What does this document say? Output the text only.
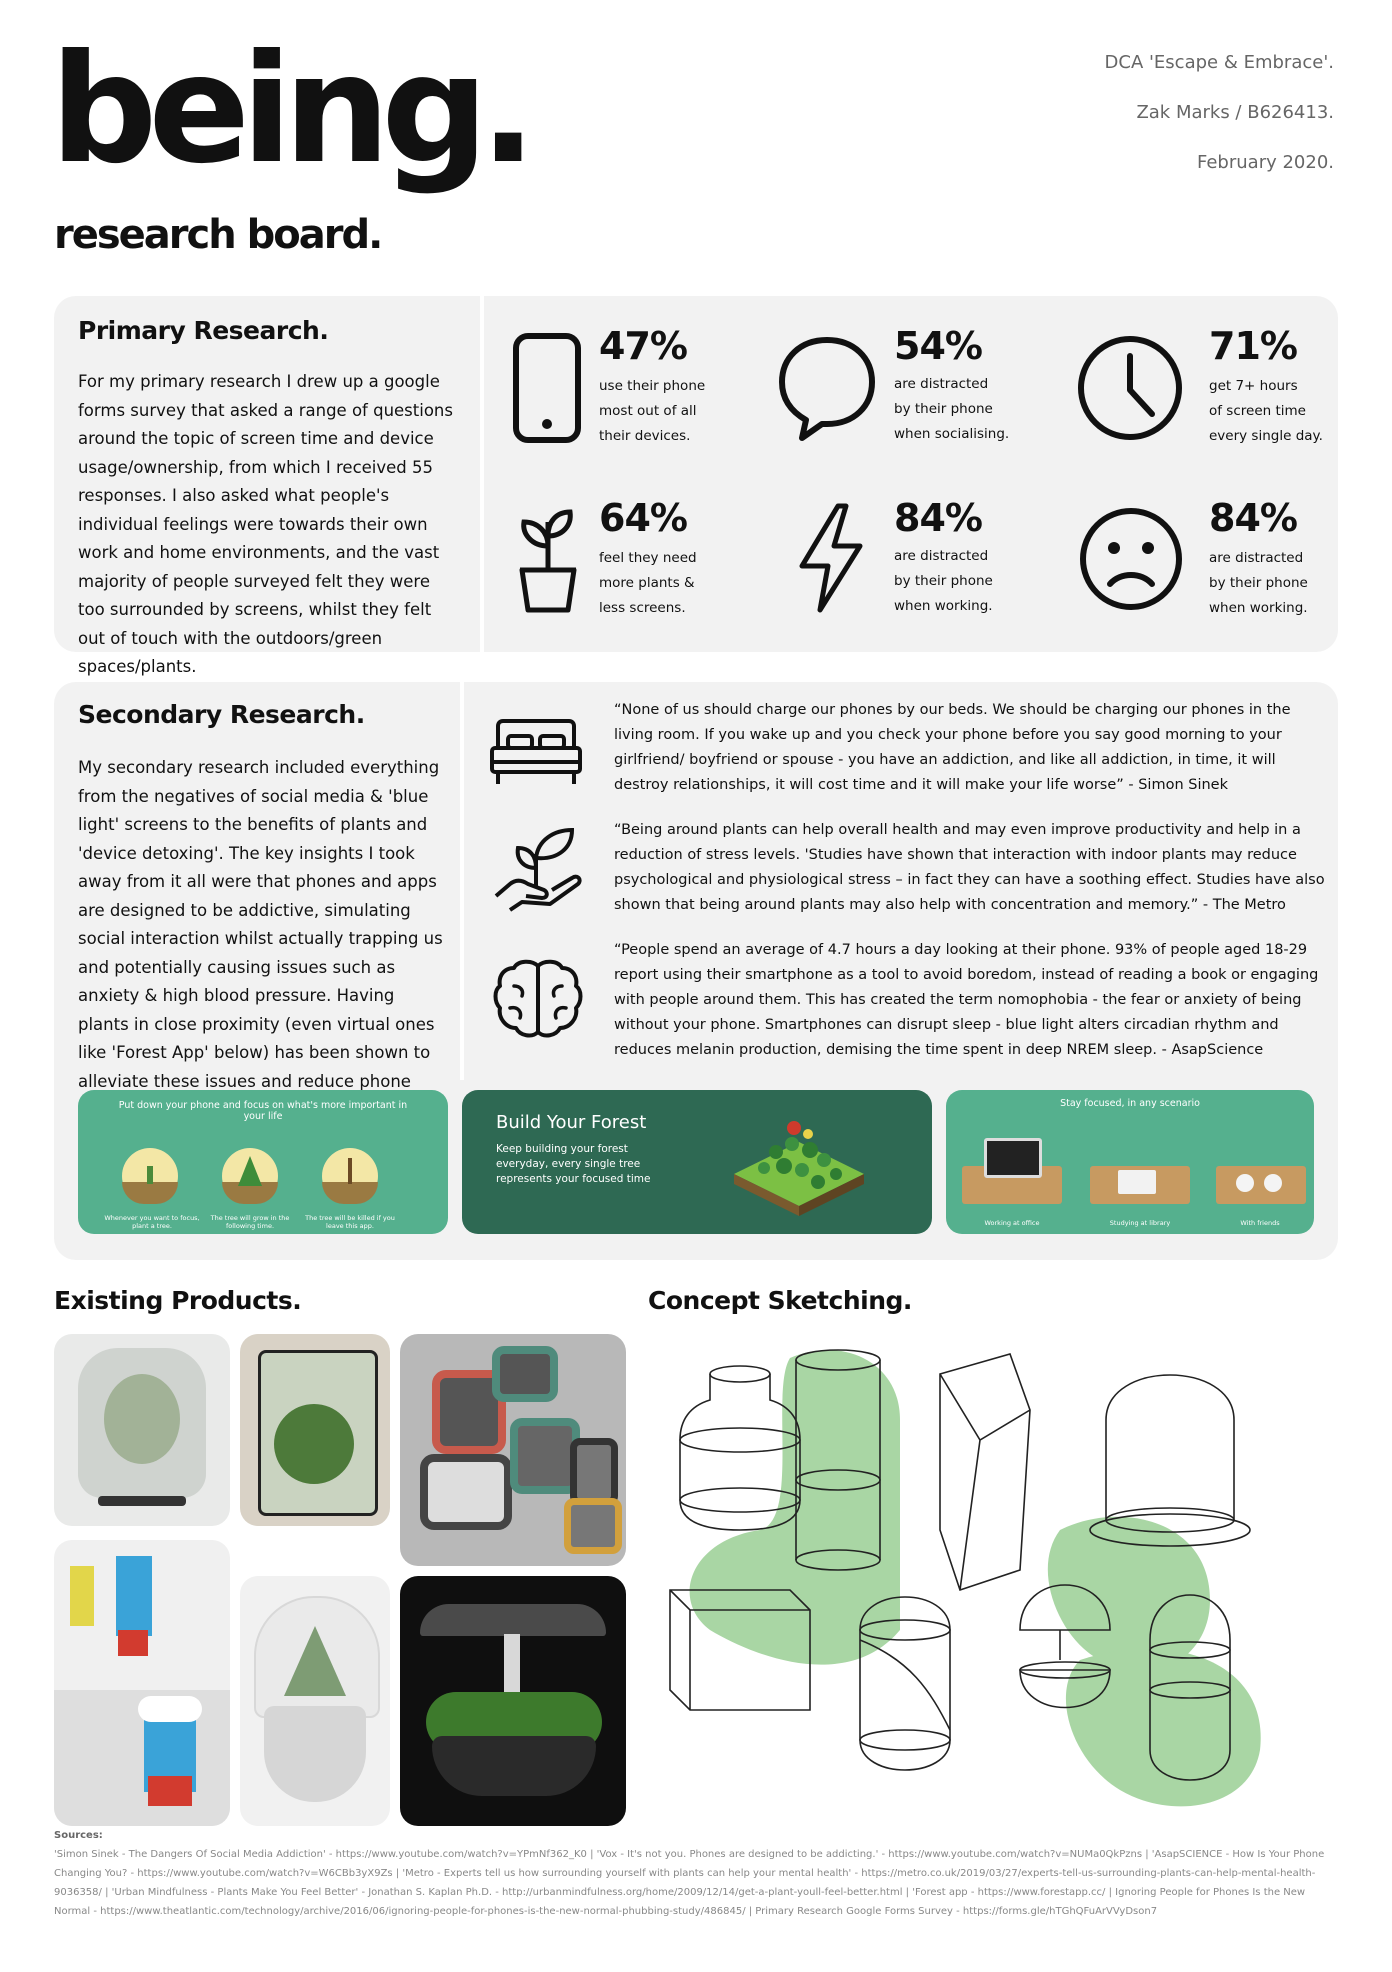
being.
research board.
DCA 'Escape & Embrace'.
Zak Marks / B626413.
February 2020.
Primary Research.
For my primary research I drew up a google forms survey that asked a range of questions around the topic of screen time and device usage/ownership, from which I received 55 responses. I also asked what people's individual feelings were towards their own work and home environments, and the vast majority of people surveyed felt they were too surrounded by screens, whilst they felt out of touch with the outdoors/green spaces/plants.
47%
use their phone
most out of all
their devices.
54%
are distracted
by their phone
when socialising.
71%
get 7+ hours
of screen time
every single day.
64%
feel they need
more plants &
less screens.
84%
are distracted
by their phone
when working.
84%
are distracted
by their phone
when working.
Secondary Research.
My secondary research included everything from the negatives of social media & 'blue light' screens to the benefits of plants and 'device detoxing'. The key insights I took away from it all were that phones and apps are designed to be addictive, simulating social interaction whilst actually trapping us and potentially causing issues such as anxiety & high blood pressure. Having plants in close proximity (even virtual ones like 'Forest App' below) has been shown to alleviate these issues and reduce phone
“None of us should charge our phones by our beds. We should be charging our phones in the living room. If you wake up and you check your phone before you say good morning to your girlfriend/ boyfriend or spouse - you have an addiction, and like all addiction, in time, it will destroy relationships, it will cost time and it will make your life worse” - Simon Sinek
“Being around plants can help overall health and may even improve productivity and help in a reduction of stress levels. 'Studies have shown that interaction with indoor plants may reduce psychological and physiological stress – in fact they can have a soothing effect. Studies have also shown that being around plants may also help with concentration and memory.” - The Metro
“People spend an average of 4.7 hours a day looking at their phone. 93% of people aged 18-29 report using their smartphone as a tool to avoid boredom, instead of reading a book or engaging with people around them. This has created the term nomophobia - the fear or anxiety of being without your phone. Smartphones can disrupt sleep - blue light alters circadian rhythm and reduces melanin production, demising the time spent in deep NREM sleep. - AsapScience
Put down your phone and focus on what's more important in your life
Whenever you want to focus, plant a tree.
The tree will grow in the following time.
The tree will be killed if you leave this app.
Build Your Forest
Keep building your forest everyday, every single tree represents your focused time
Stay focused, in any scenario
Working at office	Studying at library	With friends
Existing Products.	Concept Sketching.
Sources:
'Simon Sinek - The Dangers Of Social Media Addiction' - https://www.youtube.com/watch?v=YPmNf362_K0 | 'Vox - It's not you. Phones are designed to be addicting.' - https://www.youtube.com/watch?v=NUMa0QkPzns | 'AsapSCIENCE - How Is Your Phone Changing You? - https://www.youtube.com/watch?v=W6CBb3yX9Zs | 'Metro - Experts tell us how surrounding yourself with plants can help your mental health' - https://metro.co.uk/2019/03/27/experts-tell-us-surrounding-plants-can-help-mental-health-9036358/ | 'Urban Mindfulness - Plants Make You Feel Better' - Jonathan S. Kaplan Ph.D. - http://urbanmindfulness.org/home/2009/12/14/get-a-plant-youll-feel-better.html | 'Forest app - https://www.forestapp.cc/ | Ignoring People for Phones Is the New Normal - https://www.theatlantic.com/technology/archive/2016/06/ignoring-people-for-phones-is-the-new-normal-phubbing-study/486845/ | Primary Research Google Forms Survey - https://forms.gle/hTGhQFuArVVyDson7
